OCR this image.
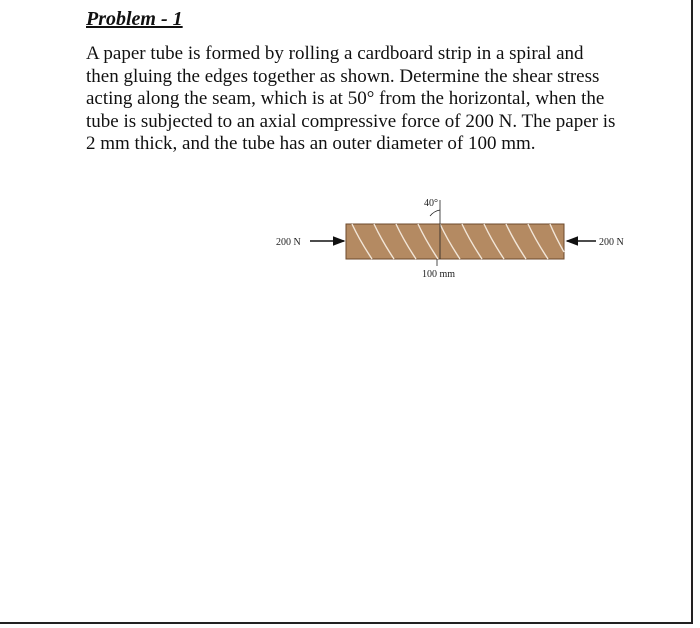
Problem - 1

A paper tube is formed by rolling a cardboard strip in a spiral and then gluing the edges together as shown. Determine the shear stress acting along the seam, which is at 50° from the horizontal, when the tube is subjected to an axial compressive force of 200 N. The paper is 2 mm thick, and the tube has an outer diameter of 100 mm.

40°
200 N	200 N
100 mm
